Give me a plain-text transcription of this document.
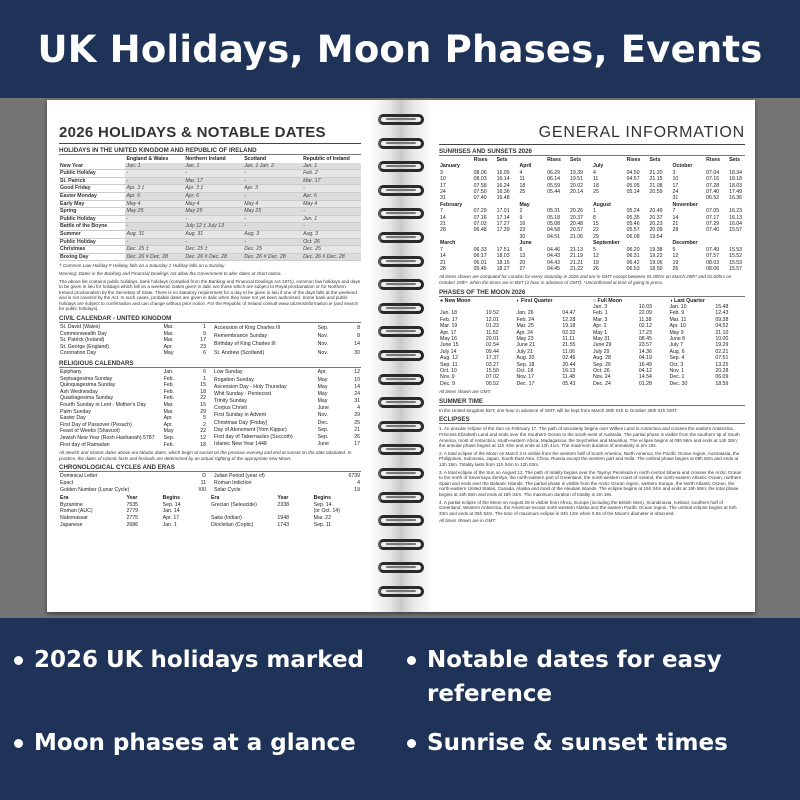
UK Holidays, Moon Phases, Events
2026 HOLIDAYS & NOTABLE DATES
HOLIDAYS IN THE UNITED KINGDOM AND REPUBLIC OF IRELAND
	England & Wales	Northern Ireland	Scotland	Republic of Ireland
New Year	Jan. 1	Jan. 1	Jan. 1 Jan. 2	Jan. 1
Public Holiday	-	-	-	Feb. 2
St. Patrick	-	Mar. 17	-	Mar. 17
Good Friday	Apr. 3 ‡	Apr. 3 ‡	Apr. 3	-
Easter Monday	Apr. 6	Apr. 6	-	Apr. 6
Early May	May 4	May 4	May 4	May 4
Spring	May 25	May 25	May 25	-
Public Holiday	-	-	-	Jun. 1
Battle of the Boyne	-	July 12 ‡ July 13	-	-
Summer	Aug. 31	Aug. 31	Aug. 3	Aug. 3
Public Holiday	-	-	-	Oct. 26
Christmas	Dec. 25 ‡	Dec. 25 ‡	Dec. 25	Dec. 25
Boxing Day	Dec. 26 # Dec. 28	Dec. 26 # Dec. 28	Dec. 26 # Dec. 28	Dec. 26 # Dec. 28
† Common Law Holiday # Holiday falls on a Saturday ‡ Holiday falls on a Sunday
Warning: Dates in the Banking and Financial Dealings Act allow the Government to alter dates at short notice.
The above list contains public holidays, bank holidays (compiled from the Banking and Financial Dealings Act 1971), common law holidays and days to be given in lieu for holidays which fall on a weekend. Dates given in italic are those which are subject to Royal proclamation or for Northern Ireland proclamation by the Secretary of State. There is no statutory requirement for a day to be given in lieu if one of the days falls at the weekend and is not covered by the Act. In such cases, probable dates are given in italic when they have not yet been authorised. Some bank and public holidays are subject to confirmation and can change without prior notice. For the Republic of Ireland consult www.citizensinformation.ie (and search for public holidays).
CIVIL CALENDAR - UNITED KINGDOM
St. David (Wales)	Mar.	1
Commonwealth Day	Mar.	9
St. Patrick (Ireland)	Mar.	17
St. George (England)	Apr.	23
Coronation Day	May	6
Accession of King Charles III	Sep.	8
Remembrance Sunday	Nov.	8
Birthday of King Charles III	Nov.	14
St. Andrew (Scotland)	Nov.	30
RELIGIOUS CALENDARS
Epiphany	Jan.	6
Septuagesima Sunday	Feb.	1
Quinquagesima Sunday	Feb.	15
Ash Wednesday	Feb.	18
Quadragesima Sunday	Feb.	22
Fourth Sunday in Lent - Mother's Day	Mar.	15
Palm Sunday	Mar.	29
Easter Day	Apr.	5

First Day of Passover (Pesach)	Apr.	2
Feast of Weeks (Shavuot)	May	22
Jewish New Year (Rosh Hashanah) 5787	Sep.	12

First day of Ramadan	Feb.	18
Low Sunday	Apr.	12
Rogation Sunday	May	10
Ascension Day - Holy Thursday	May	14
Whit Sunday - Pentecost	May	24
Trinity Sunday	May	31
Corpus Christi	June	4
First Sunday in Advent	Nov.	29
Christmas Day (Friday)	Dec.	25

Day of Atonement (Yom Kippur)	Sep.	21
First day of Tabernacles (Succoth)	Sep.	26

Islamic New Year 1448	June	17
All Jewish and Islamic dates above are tabular dates, which begin at sunset on the previous evening and end at sunset on the date tabulated. In practice, the dates of Islamic fasts and festivals are determined by an actual sighting of the appropriate new Moon.
CHRONOLOGICAL CYCLES AND ERAS
Dominical Letter		D
Epact		11
Golden Number (Lunar Cycle)		XIII
Julian Period (year of)		6739
Roman Indiction		4
Solar Cycle		19
Era	Year	Begins	Era	Year	Begins
Byzantine	7535	Sep. 14	Grecian (Seleucide)	2338	Sep. 14
Roman (AUC)	2779	Jan. 14			(or Oct. 14)
Nabonassar	2775	Apr. 17	Saka (Indian)	1948	Mar. 22
Japanese	2686	Jan. 1	Diocletian (Coptic)	1743	Sep. 11
GENERAL INFORMATION
SUNRISES AND SUNSETS 2026
	Rises	Sets		Rises	Sets		Rises	Sets		Rises	Sets
January			April			July			October		
3	08.06	16.05	4	06.29	19.39	4	04.50	21.20	3	07.04	18.34
10	08.03	16.14	11	06.14	19.51	11	04.57	21.15	10	07.16	18.18
17	07.58	16.24	18	05.59	20.02	18	05.05	21.08	17	07.28	18.03
24	07.50	16.36	25	05.44	20.14	25	05.14	20.59	24	07.40	17.49
31	07.40	16.48							31	06.52	16.36
February			May			August			November		
7	07.29	17.01	2	05.31	20.26	1	05.24	20.49	7	07.05	16.23
14	07.16	17.14	9	05.18	20.37	8	05.35	20.37	14	07.17	16.13
21	07.03	17.27	16	05.08	20.48	15	05.46	20.23	21	07.29	16.04
28	06.48	17.39	23	04.58	20.57	22	05.57	20.09	28	07.40	15.57
			30	04.51	21.06	29	06.08	19.54			
March			June			September			December		
7	06.33	17.51	6	04.46	21.13	5	06.20	19.38	5	07.49	15.53
14	06.17	18.03	13	04.43	21.19	12	06.31	19.22	12	07.57	15.52
21	06.01	18.15	20	04.43	21.21	19	06.42	19.06	19	08.03	15.53
28	05.45	18.27	27	04.45	21.22	26	06.53	18.50	26	08.06	15.57
All times shown are computed for London for every Saturday in 2026 and are in GMT except between 01.00hrs on March 29th* and 01.00hrs on October 25th*, when the times are in BST (1 hour in advance of GMT). *Unconfirmed at time of going to press.
PHASES OF THE MOON 2026
● New Moon		◐ First Quarter		○ Full Moon		◑ Last Quarter	
				Jan. 3	10.03	Jan. 10	15.48
Jan. 18	19.52	Jan. 26	04.47	Feb. 1	22.09	Feb. 9	12.43
Feb. 17	12.01	Feb. 24	12.28	Mar. 3	11.38	Mar. 11	09.38
Mar. 19	01.23	Mar. 25	19.18	Apr. 2	02.12	Apr. 10	04.52
Apr. 17	11.52	Apr. 24	02.32	May 1	17.23	May 9	21.10
May 16	20.01	May 23	11.11	May 31	08.45	June 8	10.00
June 15	02.54	June 21	21.55	June 29	23.57	July 7	19.29
July 14	09.44	July 21	11.06	July 29	14.36	Aug. 6	02.21
Aug. 12	17.37	Aug. 20	02.46	Aug. 28	04.19	Sep. 4	07.51
Sep. 11	03.27	Sep. 18	20.44	Sep. 26	16.49	Oct. 3	13.25
Oct. 10	15.50	Oct. 18	16.13	Oct. 26	04.12	Nov. 1	20.28
Nov. 9	07.02	Nov. 17	11.48	Nov. 24	14.54	Dec. 1	06.09
Dec. 9	00.52	Dec. 17	05.43	Dec. 24	01.28	Dec. 30	18.59
All times shown are GMT.
SUMMER TIME
In the United Kingdom BST, one hour in advance of GMT, will be kept from March 29th 01h to October 25th 01h GMT.
ECLIPSES
1. An annular eclipse of the Sun on February 17. The path of annularity begins over Wilkes Land in Antarctica and crosses the eastern Antarctica, Princess Elizabeth Land and ends over the Southern Ocean to the south-west of Australia. The partial phase is visible from the southern tip of South America, most of Antarctica, south-eastern Africa, Madagascar, the Seychelles and Mauritius. The eclipse begins at 09h 56m and ends at 14h 28m; the annular phase begins at 11h 43m and ends at 12h 41m. The maximum duration of annularity is 2m 18s.
2. A total eclipse of the Moon on March 3 is visible from the western half of South America, North America, the Pacific Ocean region, Australasia, the Philippines, Indonesia, Japan, South-East Asia, China, Russia except the western part and India. The umbral phase begins at 09h 50m and ends at 13h 18m. Totality lasts from 11h 04m to 12h 03m.
3. A total eclipse of the Sun on August 12. The path of totality begins over the Taymyr Peninsula in north-central Siberia and crosses the Arctic Ocean to the north of Severnaya Zemlya, the north-eastern part of Greenland, the north-western coast of Iceland, the north-eastern Atlantic Ocean, northern Spain and ends over the Balearic Islands. The partial phase is visible from the Arctic Ocean region, western Europe, the North Atlantic Ocean, the north-eastern United States, Canada, Alaska and most of the Aleutian Islands. The eclipse begins at 15h 34m and ends at 19h 58m; the total phase begins at 16h 58m and ends at 18h 34m. The maximum duration of totality is 2m 18s.
4. A partial eclipse of the Moon on August 28 is visible from Africa, Europe (including the British Isles), Scandinavia, Iceland, southern half of Greenland, Western Antarctica, the Americas except north-western Alaska and the eastern Pacific Ocean region. The umbral eclipse begins at 02h 33m and ends at 05h 52m. The time of maximum eclipse is 04h 13m when 0.94 of the Moon's diameter is obscured.
All times shown are in GMT.
2026 UK holidays marked	Notable dates for easy
reference
Moon phases at a glance	Sunrise & sunset times
